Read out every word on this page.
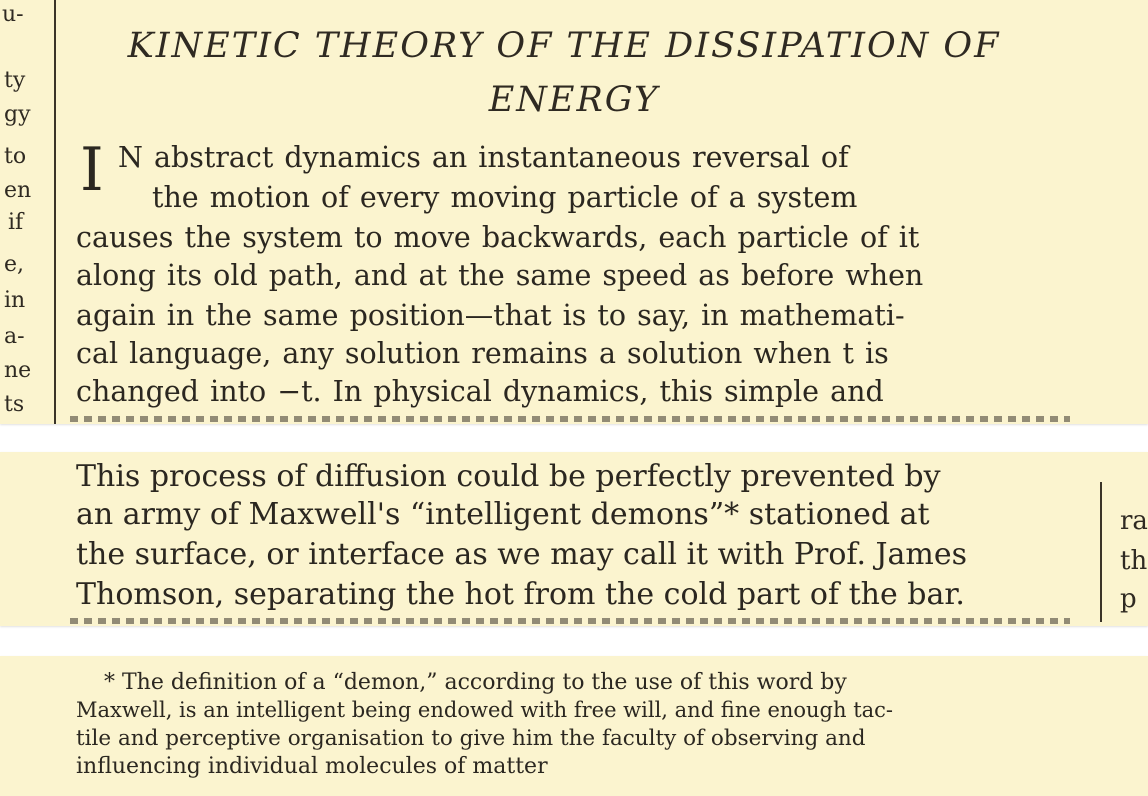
u-
ty
gy
to
en
if
e,
in
a-
ne
ts
KINETIC THEORY OF THE DISSIPATION OF
ENERGY
I N abstract dynamics an instantaneous reversal of
the motion of every moving particle of a system
causes the system to move backwards, each particle of it
along its old path, and at the same speed as before when
again in the same position—that is to say, in mathemati-
cal language, any solution remains a solution when t is
changed into −t. In physical dynamics, this simple and
This process of diffusion could be perfectly prevented by
an army of Maxwell's “intelligent demons”* stationed at
the surface, or interface as we may call it with Prof. James
Thomson, separating the hot from the cold part of the bar.
ra
th
p
* The definition of a “demon,” according to the use of this word by
Maxwell, is an intelligent being endowed with free will, and fine enough tac-
tile and perceptive organisation to give him the faculty of observing and
influencing individual molecules of matter
